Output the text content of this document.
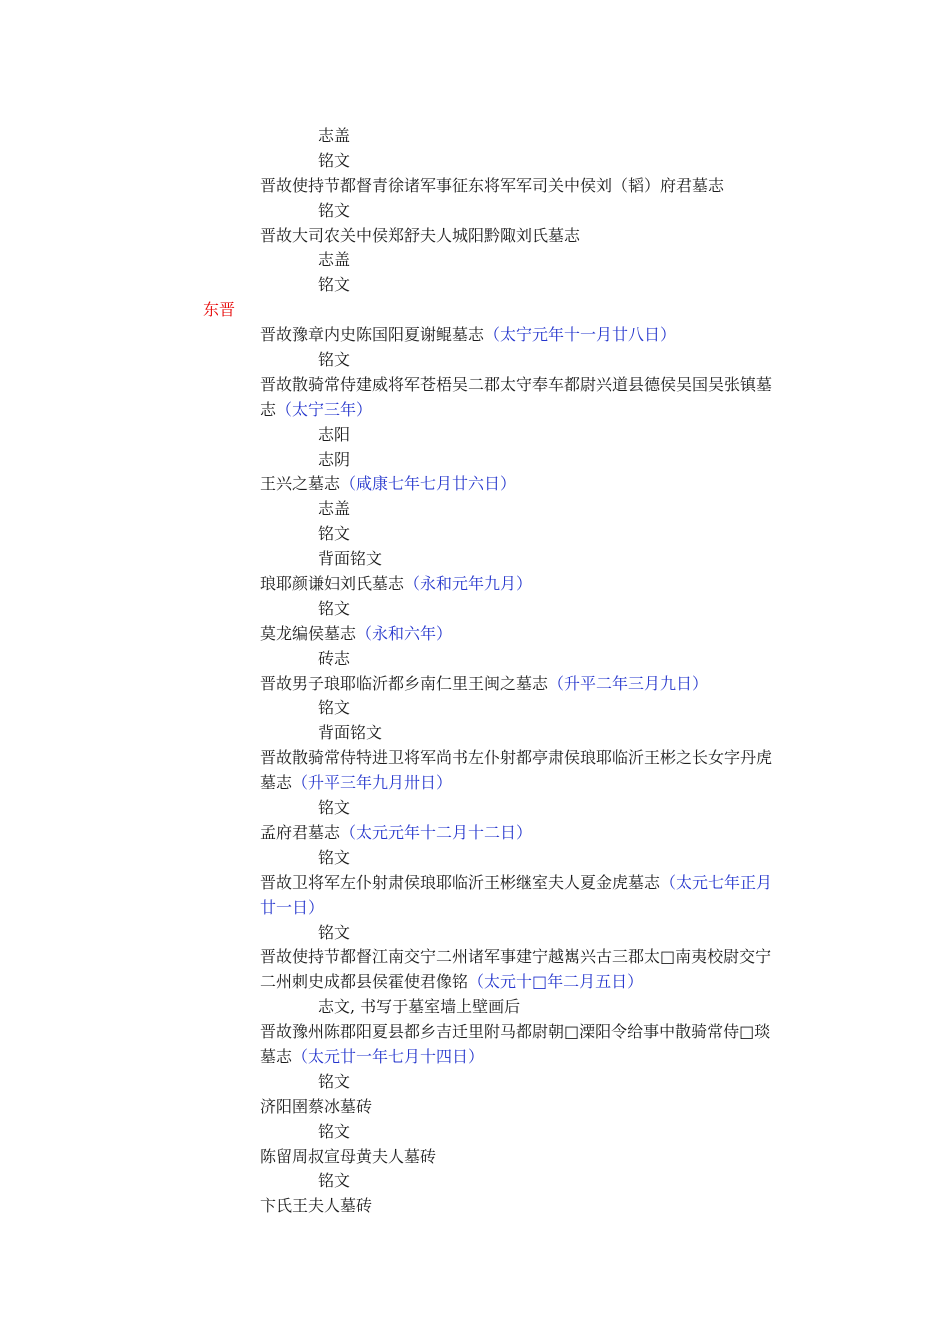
志盖
铭文
晋故使持节都督青徐诸军事征东将军军司关中侯刘（韬）府君墓志
铭文
晋故大司农关中侯郑舒夫人城阳黔陬刘氏墓志
志盖
铭文
东晋
晋故豫章内史陈国阳夏谢鲲墓志（太宁元年十一月廿八日）
铭文
晋故散骑常侍建威将军苍梧吴二郡太守奉车都尉兴道县德侯吴国吴张镇墓
志（太宁三年）
志阳
志阴
王兴之墓志（咸康七年七月廿六日）
志盖
铭文
背面铭文
琅耶颜谦妇刘氏墓志（永和元年九月）
铭文
莫龙编侯墓志（永和六年）
砖志
晋故男子琅耶临沂都乡南仁里王闽之墓志（升平二年三月九日）
铭文
背面铭文
晋故散骑常侍特进卫将军尚书左仆射都亭肃侯琅耶临沂王彬之长女字丹虎
墓志（升平三年九月卅日）
铭文
孟府君墓志（太元元年十二月十二日）
铭文
晋故卫将军左仆射肃侯琅耶临沂王彬继室夫人夏金虎墓志（太元七年正月
廿一日）
铭文
晋故使持节都督江南交宁二州诸军事建宁越嶲兴古三郡太□南夷校尉交宁
二州刺史成都县侯霍使君像铭（太元十□年二月五日）
志文, 书写于墓室墙上壁画后
晋故豫州陈郡阳夏县都乡吉迁里附马都尉朝□溧阳令给事中散骑常侍□琰
墓志（太元廿一年七月十四日）
铭文
济阳圉蔡冰墓砖
铭文
陈留周叔宣母黄夫人墓砖
铭文
卞氏王夫人墓砖
